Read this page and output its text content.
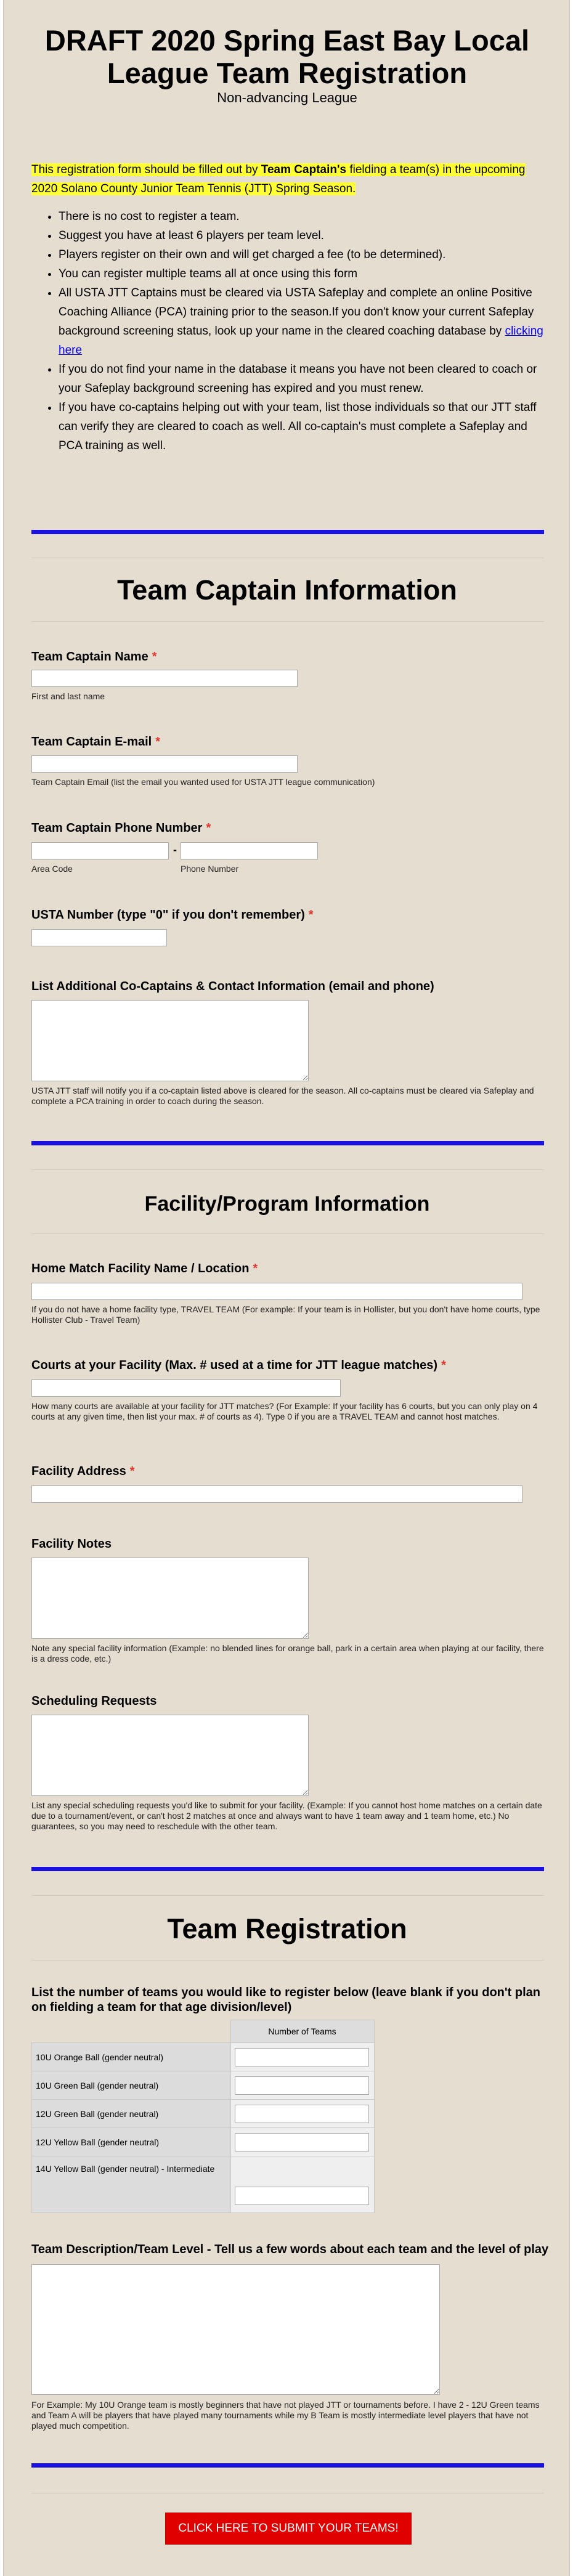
DRAFT 2020 Spring East Bay Local League Team Registration

Non-advancing League

This registration form should be filled out by Team Captain's fielding a team(s) in the upcoming 2020 Solano County Junior Team Tennis (JTT) Spring Season.
• There is no cost to register a team.
• Suggest you have at least 6 players per team level.
• Players register on their own and will get charged a fee (to be determined).
• You can register multiple teams all at once using this form
• All USTA JTT Captains must be cleared via USTA Safeplay and complete an online Positive Coaching Alliance (PCA) training prior to the season.If you don't know your current Safeplay background screening status, look up your name in the cleared coaching database by clicking here
• If you do not find your name in the database it means you have not been cleared to coach or your Safeplay background screening has expired and you must renew.
• If you have co-captains helping out with your team, list those individuals so that our JTT staff can verify they are cleared to coach as well. All co-captain's must complete a Safeplay and PCA training as well.
Team Captain Information
Team Captain Name *
First and last name
Team Captain E-mail *
Team Captain Email (list the email you wanted used for USTA JTT league communication)
Team Captain Phone Number *
-
Area Code	Phone Number
USTA Number (type "0" if you don't remember) *
List Additional Co-Captains & Contact Information (email and phone)
USTA JTT staff will notify you if a co-captain listed above is cleared for the season. All co-captains must be cleared via Safeplay and complete a PCA training in order to coach during the season.
Facility/Program Information
Home Match Facility Name / Location *
If you do not have a home facility type, TRAVEL TEAM (For example: If your team is in Hollister, but you don't have home courts, type Hollister Club - Travel Team)
Courts at your Facility (Max. # used at a time for JTT league matches) *
How many courts are available at your facility for JTT matches? (For Example: If your facility has 6 courts, but you can only play on 4 courts at any given time, then list your max. # of courts as 4). Type 0 if you are a TRAVEL TEAM and cannot host matches.
Facility Address *
Facility Notes
Note any special facility information (Example: no blended lines for orange ball, park in a certain area when playing at our facility, there is a dress code, etc.)
Scheduling Requests
List any special scheduling requests you'd like to submit for your facility. (Example: If you cannot host home matches on a certain date due to a tournament/event, or can't host 2 matches at once and always want to have 1 team away and 1 team home, etc.) No guarantees, so you may need to reschedule with the other team.
Team Registration
List the number of teams you would like to register below (leave blank if you don't plan on fielding a team for that age division/level)
	Number of Teams
10U Orange Ball (gender neutral)	
10U Green Ball (gender neutral)	
12U Green Ball (gender neutral)	
12U Yellow Ball (gender neutral)	
14U Yellow Ball (gender neutral) - Intermediate	
Team Description/Team Level - Tell us a few words about each team and the level of play
For Example: My 10U Orange team is mostly beginners that have not played JTT or tournaments before. I have 2 - 12U Green teams and Team A will be players that have played many tournaments while my B Team is mostly intermediate level players that have not played much competition.
CLICK HERE TO SUBMIT YOUR TEAMS!
